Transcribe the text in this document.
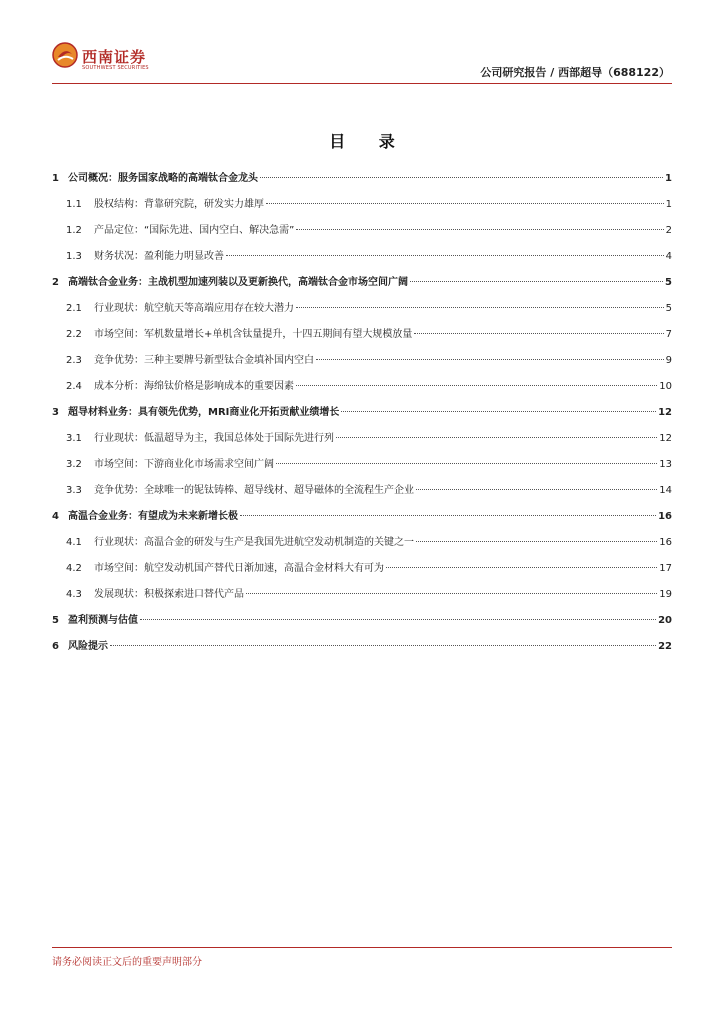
西南证券
SOUTHWEST SECURITIES	公司研究报告 / 西部超导（688122）
目 录
1 公司概况：服务国家战略的高端钛合金龙头	1
1.1	股权结构：背靠研究院，研发实力雄厚	1
1.2	产品定位：“国际先进、国内空白、解决急需”	2
1.3	财务状况：盈利能力明显改善	4
2 高端钛合金业务：主战机型加速列装以及更新换代，高端钛合金市场空间广阔	5
2.1	行业现状：航空航天等高端应用存在较大潜力	5
2.2	市场空间：军机数量增长+单机含钛量提升，十四五期间有望大规模放量	7
2.3	竞争优势：三种主要牌号新型钛合金填补国内空白	9
2.4	成本分析：海绵钛价格是影响成本的重要因素	10
3 超导材料业务：具有领先优势，MRI商业化开拓贡献业绩增长	12
3.1	行业现状：低温超导为主，我国总体处于国际先进行列	12
3.2	市场空间：下游商业化市场需求空间广阔	13
3.3	竞争优势：全球唯一的铌钛铸棒、超导线材、超导磁体的全流程生产企业	14
4 高温合金业务：有望成为未来新增长极	16
4.1	行业现状：高温合金的研发与生产是我国先进航空发动机制造的关键之一	16
4.2	市场空间：航空发动机国产替代日渐加速，高温合金材料大有可为	17
4.3	发展现状：积极探索进口替代产品	19
5 盈利预测与估值	20
6 风险提示	22
请务必阅读正文后的重要声明部分
